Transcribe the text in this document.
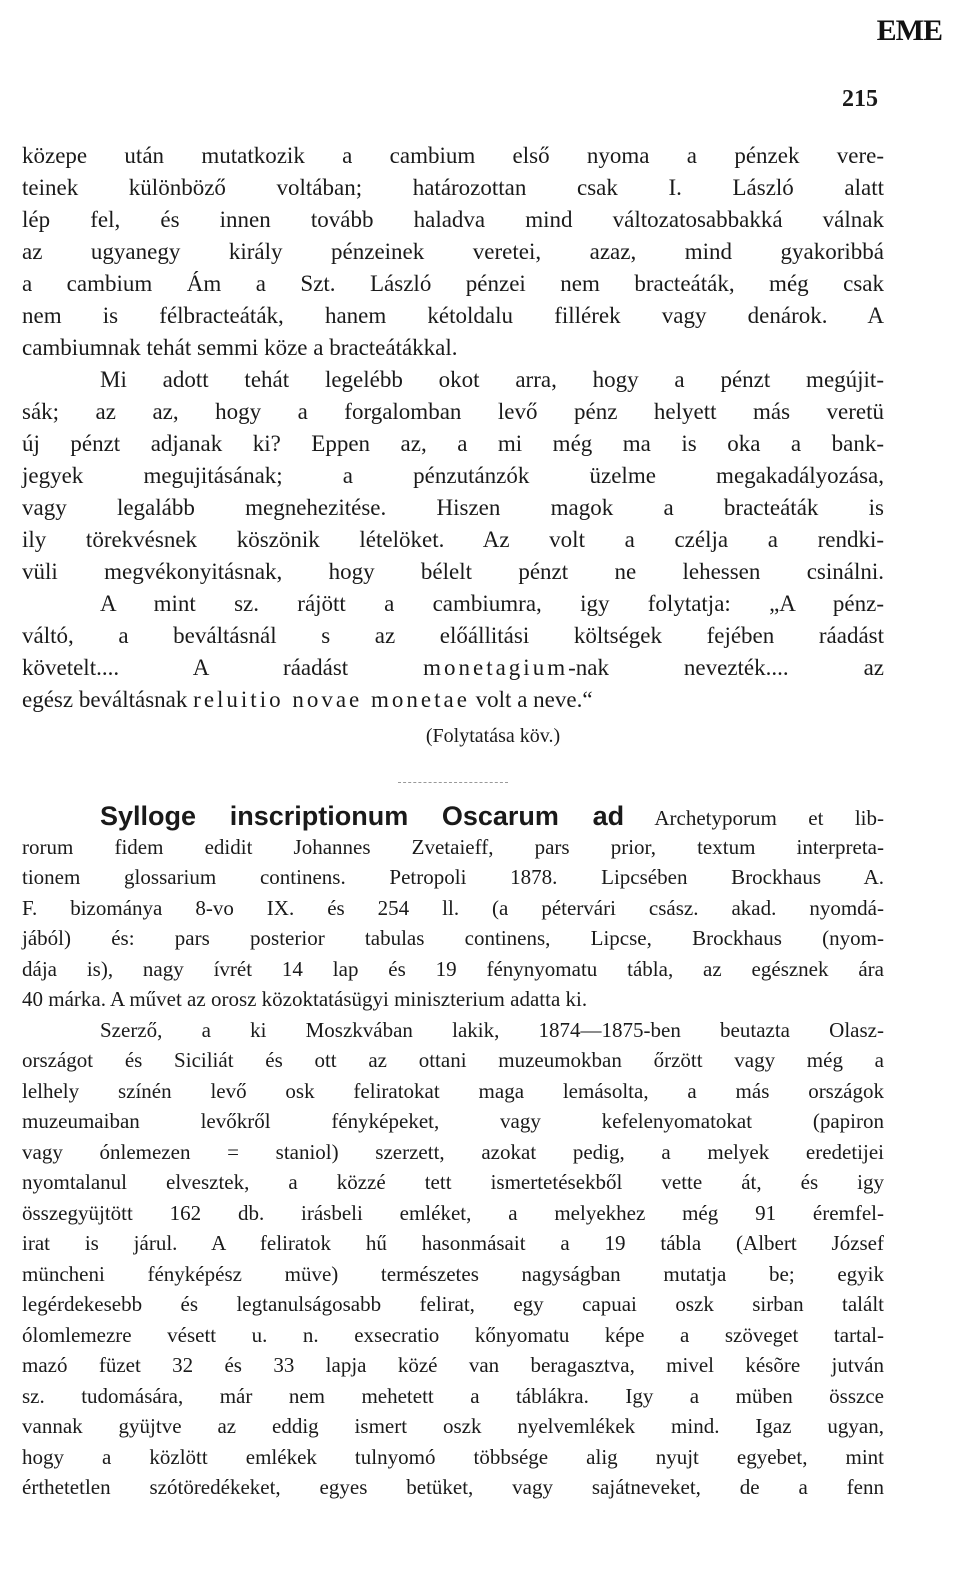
EME
215
közepe után mutatkozik a cambium első nyoma a pénzek vere-
teinek különböző voltában; határozottan csak I. László alatt
lép fel, és innen tovább haladva mind változatosabbakká válnak
az ugyanegy király pénzeinek veretei, azaz, mind gyakoribbá
a cambium Ám a Szt. László pénzei nem bracteáták, még csak
nem is félbracteáták, hanem kétoldalu fillérek vagy denárok. A
cambiumnak tehát semmi köze a bracteátákkal.
Mi adott tehát legelébb okot arra, hogy a pénzt megújit-
sák; az az, hogy a forgalomban levő pénz helyett más veretü
új pénzt adjanak ki? Eppen az, a mi még ma is oka a bank-
jegyek megujitásának; a pénzutánzók üzelme megakadályozása,
vagy legalább megnehezitése. Hiszen magok a bracteáták is
ily törekvésnek köszönik lételöket. Az volt a czélja a rendki-
vüli megvékonyitásnak, hogy bélelt pénzt ne lehessen csinálni.
A mint sz. rájött a cambiumra, igy folytatja: „A pénz-
váltó, a beváltásnál s az előállitási költségek fejében ráadást
követelt.... A ráadást monetagium-nak nevezték.... az
egész beváltásnak reluitio novae monetae volt a neve.“
(Folytatása köv.)
Sylloge inscriptionum Oscarum ad Archetyporum et lib-
rorum fidem edidit Johannes Zvetaieff, pars prior, textum interpreta-
tionem glossarium continens. Petropoli 1878. Lipcsében Brockhaus A.
F. bizománya 8-vo IX. és 254 ll. (a pétervári csász. akad. nyomdá-
jából) és: pars posterior tabulas continens, Lipcse, Brockhaus (nyom-
dája is), nagy ívrét 14 lap és 19 fénynyomatu tábla, az egésznek ára
40 márka. A művet az orosz közoktatásügyi miniszterium adatta ki.
Szerző, a ki Moszkvában lakik, 1874—1875-ben beutazta Olasz-
országot és Siciliát és ott az ottani muzeumokban őrzött vagy még a
lelhely színén levő osk feliratokat maga lemásolta, a más országok
muzeumaiban levőkről fényképeket, vagy kefelenyomatokat (papiron
vagy ónlemezen = staniol) szerzett, azokat pedig, a melyek eredetijei
nyomtalanul elvesztek, a közzé tett ismertetésekből vette át, és igy
összegyüjtött 162 db. irásbeli emléket, a melyekhez még 91 éremfel-
irat is járul. A feliratok hű hasonmásait a 19 tábla (Albert József
müncheni fényképész müve) természetes nagyságban mutatja be; egyik
legérdekesebb és legtanulságosabb felirat, egy capuai oszk sirban talált
ólomlemezre vésett u. n. exsecratio kőnyomatu képe a szöveget tartal-
mazó füzet 32 és 33 lapja közé van beragasztva, mivel késõre jutván
sz. tudomására, már nem mehetett a táblákra. Igy a müben összce
vannak gyüjtve az eddig ismert oszk nyelvemlékek mind. Igaz ugyan,
hogy a közlött emlékek tulnyomó többsége alig nyujt egyebet, mint
érthetetlen szótöredékeket, egyes betüket, vagy sajátneveket, de a fenn
